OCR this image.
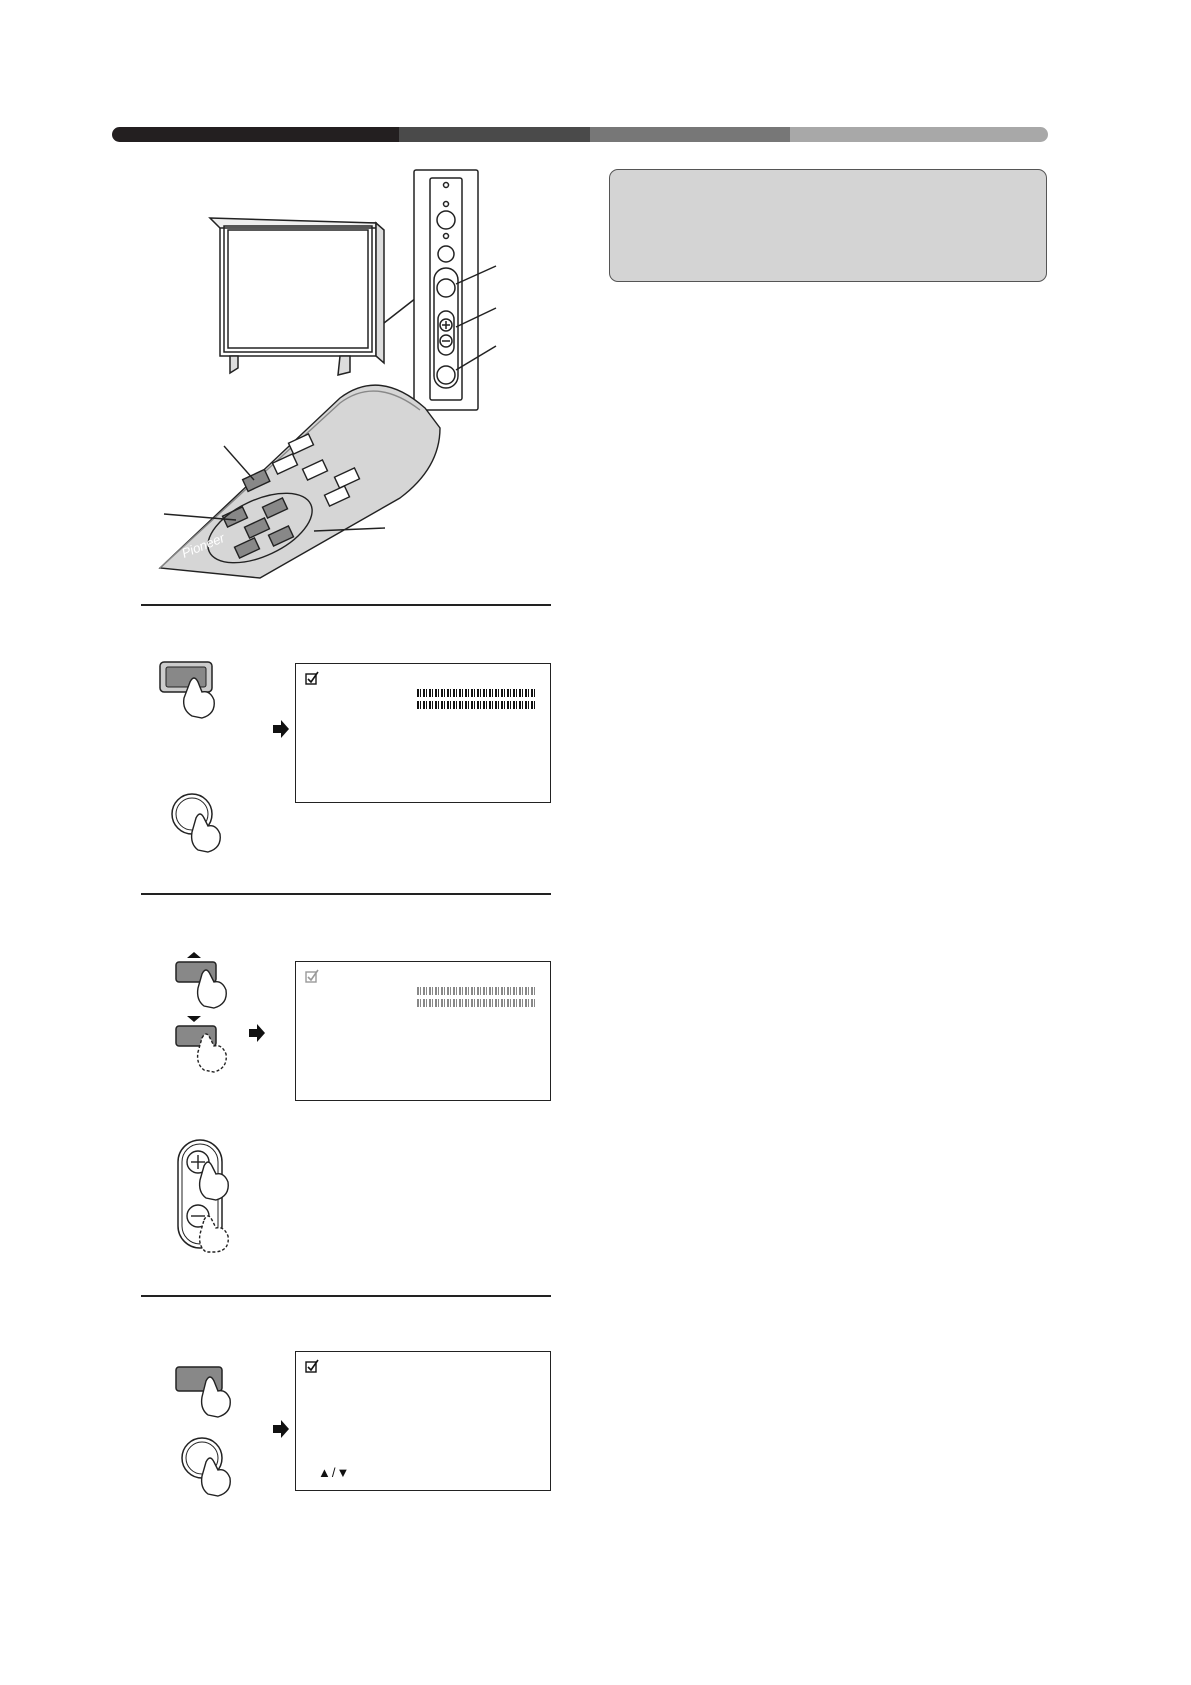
Pioneer
▲/▼
